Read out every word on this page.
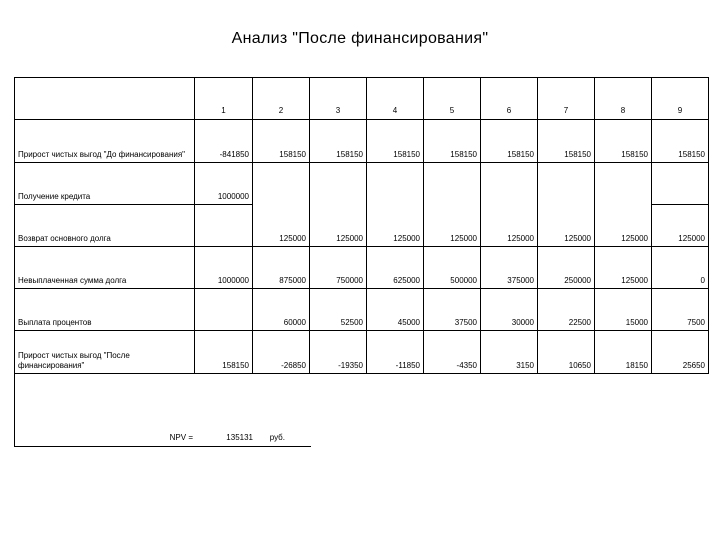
Анализ "После финансирования"
	1	2	3	4	5	6	7	8	9
Прирост чистых выгод "До финансирования"	-841850	158150	158150	158150	158150	158150	158150	158150	158150
Получение кредита	1000000								
Возврат основного долга		125000	125000	125000	125000	125000	125000	125000	125000
Невыплаченная сумма долга	1000000	875000	750000	625000	500000	375000	250000	125000	0
Выплата процентов		60000	52500	45000	37500	30000	22500	15000	7500
Прирост чистых выгод "После финансирования"	158150	-26850	-19350	-11850	-4350	3150	10650	18150	25650
NPV =	135131 руб.
